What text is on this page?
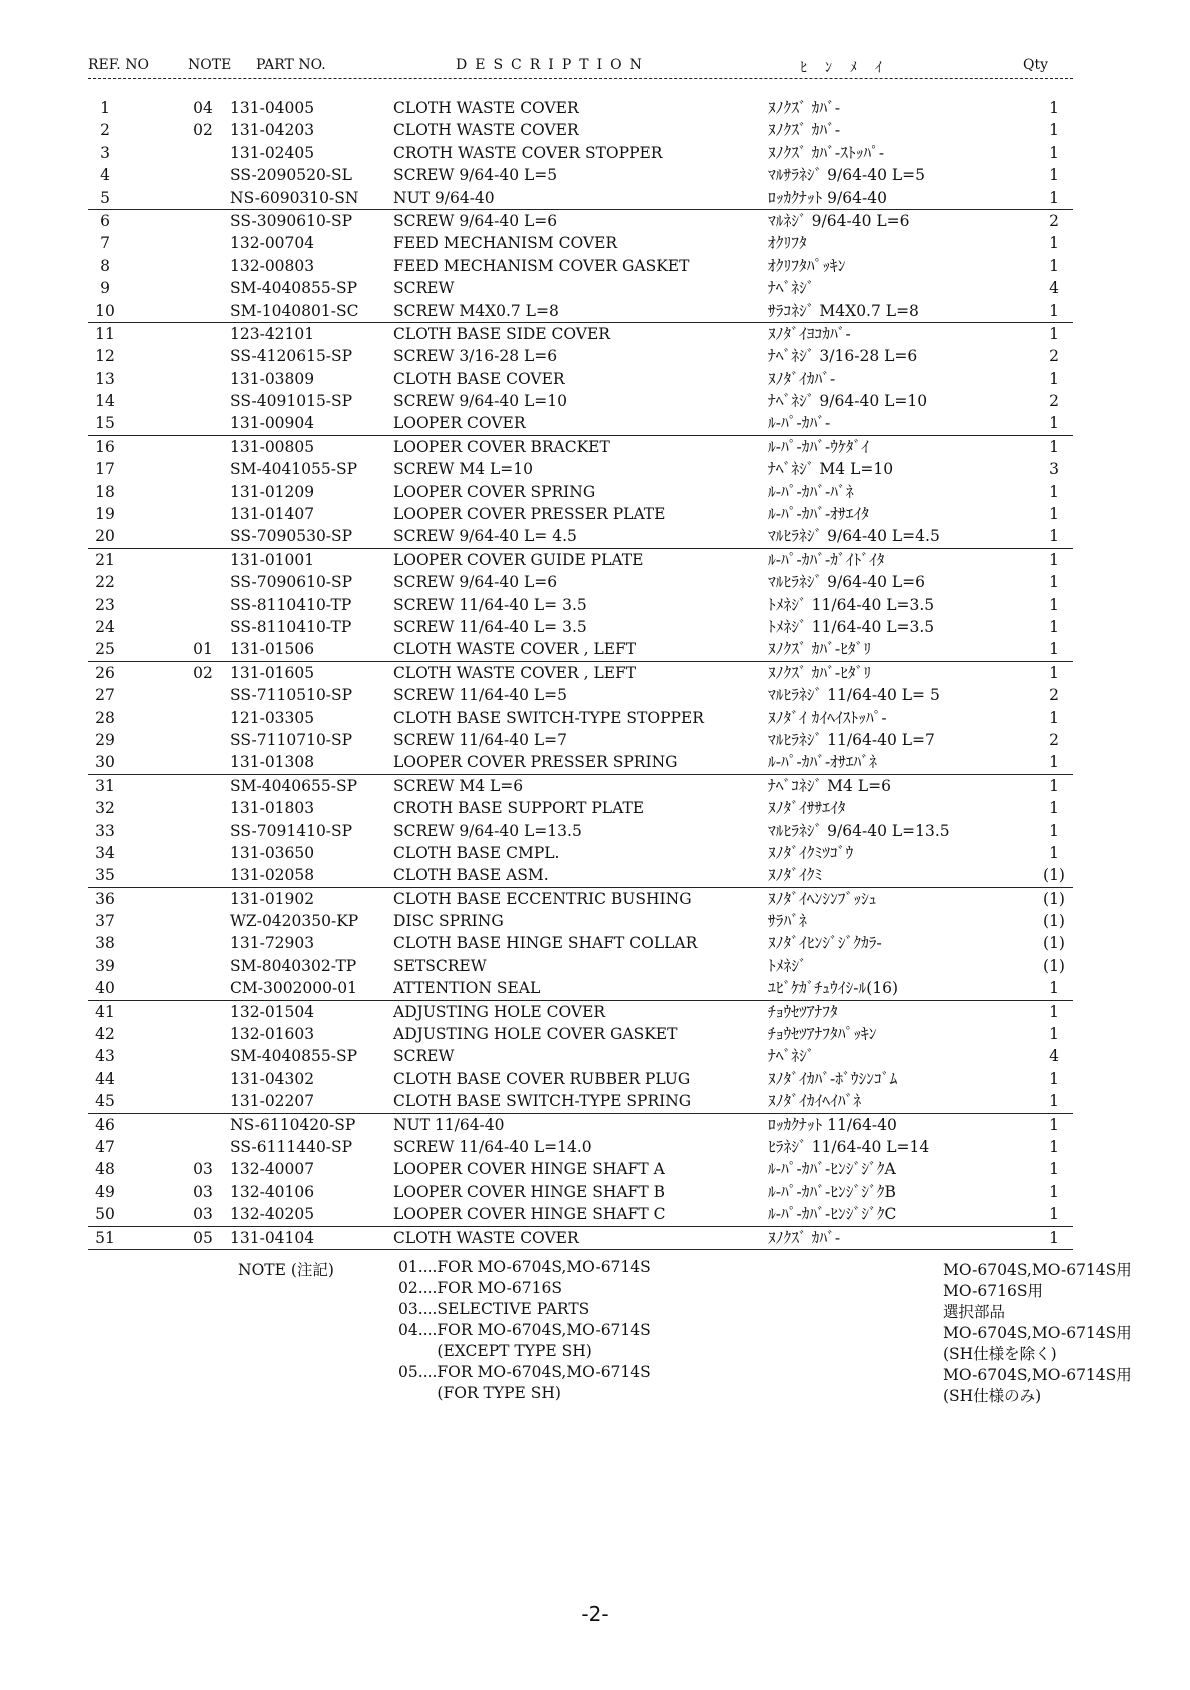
REF. NO	NOTE PART NO.	DESCRIPTION	ﾋﾝﾒｲ	Qty
1	04	131-04005	CLOTH WASTE COVER	ﾇﾉｸｽﾞ ｶﾊﾞ-	1
2	02	131-04203	CLOTH WASTE COVER	ﾇﾉｸｽﾞ ｶﾊﾞ-	1
3	131-02405	CROTH WASTE COVER STOPPER	ﾇﾉｸｽﾞ ｶﾊﾞ-ｽﾄｯﾊﾟ-	1
4	SS-2090520-SL	SCREW 9/64-40 L=5	ﾏﾙｻﾗﾈｼﾞ 9/64-40 L=5	1
5	NS-6090310-SN NUT 9/64-40	ﾛｯｶｸﾅｯﾄ 9/64-40	1
6	SS-3090610-SP	SCREW 9/64-40 L=6	ﾏﾙﾈｼﾞ 9/64-40 L=6	2
7	132-00704	FEED MECHANISM COVER	ｵｸﾘﾌﾀ	1
8	132-00803	FEED MECHANISM COVER GASKET	ｵｸﾘﾌﾀﾊﾟｯｷﾝ	1
9	SM-4040855-SP SCREW	ﾅﾍﾞﾈｼﾞ	4
10	SM-1040801-SC SCREW M4X0.7 L=8	ｻﾗｺﾈｼﾞ M4X0.7 L=8	1
11	123-42101	CLOTH BASE SIDE COVER	ﾇﾉﾀﾞｲﾖｺｶﾊﾞ-	1
12	SS-4120615-SP	SCREW 3/16-28 L=6	ﾅﾍﾞﾈｼﾞ 3/16-28 L=6	2
13	131-03809	CLOTH BASE COVER	ﾇﾉﾀﾞｲｶﾊﾞ-	1
14	SS-4091015-SP	SCREW 9/64-40 L=10	ﾅﾍﾞﾈｼﾞ 9/64-40 L=10	2
15	131-00904	LOOPER COVER	ﾙ-ﾊﾟ-ｶﾊﾞ-	1
16	131-00805	LOOPER COVER BRACKET	ﾙ-ﾊﾟ-ｶﾊﾞ-ｳｹﾀﾞｲ	1
17	SM-4041055-SP SCREW M4 L=10	ﾅﾍﾞﾈｼﾞ M4 L=10	3
18	131-01209	LOOPER COVER SPRING	ﾙ-ﾊﾟ-ｶﾊﾞ-ﾊﾞﾈ	1
19	131-01407	LOOPER COVER PRESSER PLATE	ﾙ-ﾊﾟ-ｶﾊﾞ-ｵｻｴｲﾀ	1
20	SS-7090530-SP	SCREW 9/64-40 L= 4.5	ﾏﾙﾋﾗﾈｼﾞ 9/64-40 L=4.5	1
21	131-01001	LOOPER COVER GUIDE PLATE	ﾙ-ﾊﾟ-ｶﾊﾞ-ｶﾞｲﾄﾞｲﾀ	1
22	SS-7090610-SP	SCREW 9/64-40 L=6	ﾏﾙﾋﾗﾈｼﾞ 9/64-40 L=6	1
23	SS-8110410-TP	SCREW 11/64-40 L= 3.5	ﾄﾒﾈｼﾞ 11/64-40 L=3.5	1
24	SS-8110410-TP	SCREW 11/64-40 L= 3.5	ﾄﾒﾈｼﾞ 11/64-40 L=3.5	1
25	01	131-01506	CLOTH WASTE COVER , LEFT	ﾇﾉｸｽﾞ ｶﾊﾞ-ﾋﾀﾞﾘ	1
26	02	131-01605	CLOTH WASTE COVER , LEFT	ﾇﾉｸｽﾞ ｶﾊﾞ-ﾋﾀﾞﾘ	1
27	SS-7110510-SP	SCREW 11/64-40 L=5	ﾏﾙﾋﾗﾈｼﾞ 11/64-40 L= 5	2
28	121-03305	CLOTH BASE SWITCH-TYPE STOPPER	ﾇﾉﾀﾞｲ ｶｲﾍｲｽﾄｯﾊﾟ-	1
29	SS-7110710-SP	SCREW 11/64-40 L=7	ﾏﾙﾋﾗﾈｼﾞ 11/64-40 L=7	2
30	131-01308	LOOPER COVER PRESSER SPRING	ﾙ-ﾊﾟ-ｶﾊﾞ-ｵｻｴﾊﾞﾈ	1
31	SM-4040655-SP SCREW M4 L=6	ﾅﾍﾞｺﾈｼﾞ M4 L=6	1
32	131-01803	CROTH BASE SUPPORT PLATE	ﾇﾉﾀﾞｲｻｻｴｲﾀ	1
33	SS-7091410-SP	SCREW 9/64-40 L=13.5	ﾏﾙﾋﾗﾈｼﾞ 9/64-40 L=13.5	1
34	131-03650	CLOTH BASE CMPL.	ﾇﾉﾀﾞｲｸﾐﾂｺﾞｳ	1
35	131-02058	CLOTH BASE ASM.	ﾇﾉﾀﾞｲｸﾐ	(1)
36	131-01902	CLOTH BASE ECCENTRIC BUSHING	ﾇﾉﾀﾞｲﾍﾝｼﾝﾌﾞｯｼｭ	(1)
37	WZ-0420350-KP DISC SPRING	ｻﾗﾊﾞﾈ	(1)
38	131-72903	CLOTH BASE HINGE SHAFT COLLAR	ﾇﾉﾀﾞｲﾋﾝｼﾞｼﾞｸｶﾗ-	(1)
39	SM-8040302-TP SETSCREW	ﾄﾒﾈｼﾞ	(1)
40	CM-3002000-01 ATTENTION SEAL	ﾕﾋﾞｹｶﾞﾁｭｳｲｼ-ﾙ(16)	1
41	132-01504	ADJUSTING HOLE COVER	ﾁｮｳｾﾂｱﾅﾌﾀ	1
42	132-01603	ADJUSTING HOLE COVER GASKET	ﾁｮｳｾﾂｱﾅﾌﾀﾊﾟｯｷﾝ	1
43	SM-4040855-SP SCREW	ﾅﾍﾞﾈｼﾞ	4
44	131-04302	CLOTH BASE COVER RUBBER PLUG	ﾇﾉﾀﾞｲｶﾊﾞ-ﾎﾞｳｼﾝｺﾞﾑ	1
45	131-02207	CLOTH BASE SWITCH-TYPE SPRING	ﾇﾉﾀﾞｲｶｲﾍｲﾊﾞﾈ	1
46	NS-6110420-SP NUT 11/64-40	ﾛｯｶｸﾅｯﾄ 11/64-40	1
47	SS-6111440-SP	SCREW 11/64-40 L=14.0	ﾋﾗﾈｼﾞ 11/64-40 L=14	1
48	03	132-40007	LOOPER COVER HINGE SHAFT A	ﾙ-ﾊﾟ-ｶﾊﾞ-ﾋﾝｼﾞｼﾞｸA	1
49	03	132-40106	LOOPER COVER HINGE SHAFT B	ﾙ-ﾊﾟ-ｶﾊﾞ-ﾋﾝｼﾞｼﾞｸB	1
50	03	132-40205	LOOPER COVER HINGE SHAFT C	ﾙ-ﾊﾟ-ｶﾊﾞ-ﾋﾝｼﾞｼﾞｸC	1
51	05	131-04104	CLOTH WASTE COVER	ﾇﾉｸｽﾞ ｶﾊﾞ-	1
NOTE (注記)	01....FOR MO-6704S,MO-6714S	MO-6704S,MO-6714S用
02....FOR MO-6716S	MO-6716S用
03....SELECTIVE PARTS	選択部品
04....FOR MO-6704S,MO-6714S	MO-6704S,MO-6714S用
(EXCEPT TYPE SH)	(SH仕様を除く)
05....FOR MO-6704S,MO-6714S	MO-6704S,MO-6714S用
(FOR TYPE SH)	(SH仕様のみ)
-2-
